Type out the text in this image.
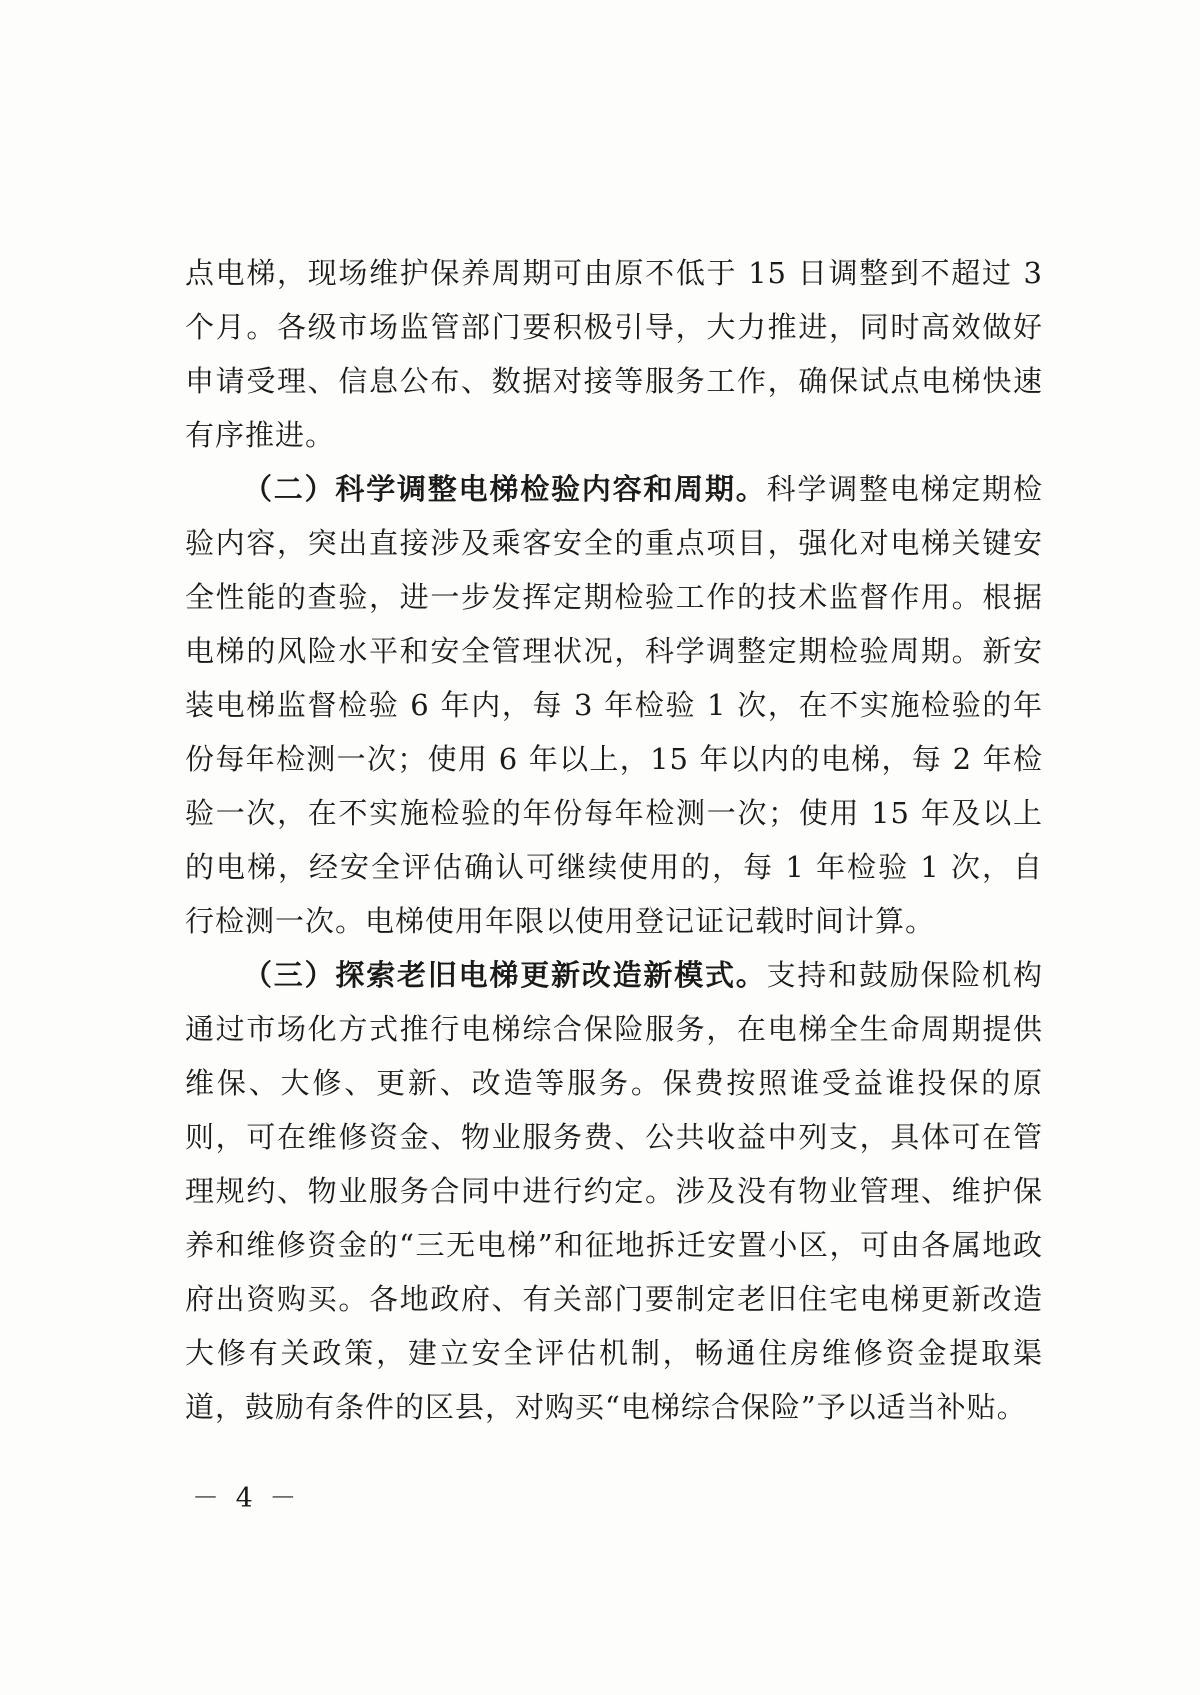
点电梯，现场维护保养周期可由原不低于 15 日调整到不超过 3 个月。各级市场监管部门要积极引导，大力推进，同时高效做好申请受理、信息公布、数据对接等服务工作，确保试点电梯快速有序推进。

（二）科学调整电梯检验内容和周期。科学调整电梯定期检验内容，突出直接涉及乘客安全的重点项目，强化对电梯关键安全性能的查验，进一步发挥定期检验工作的技术监督作用。根据电梯的风险水平和安全管理状况，科学调整定期检验周期。新安装电梯监督检验 6 年内，每 3 年检验 1 次，在不实施检验的年份每年检测一次；使用 6 年以上，15 年以内的电梯，每 2 年检验一次，在不实施检验的年份每年检测一次；使用 15 年及以上的电梯，经安全评估确认可继续使用的，每 1 年检验 1 次，自行检测一次。电梯使用年限以使用登记证记载时间计算。

（三）探索老旧电梯更新改造新模式。支持和鼓励保险机构通过市场化方式推行电梯综合保险服务，在电梯全生命周期提供维保、大修、更新、改造等服务。保费按照谁受益谁投保的原则，可在维修资金、物业服务费、公共收益中列支，具体可在管理规约、物业服务合同中进行约定。涉及没有物业管理、维护保养和维修资金的“三无电梯”和征地拆迁安置小区，可由各属地政府出资购买。各地政府、有关部门要制定老旧住宅电梯更新改造大修有关政策，建立安全评估机制，畅通住房维修资金提取渠道，鼓励有条件的区县，对购买“电梯综合保险”予以适当补贴。

－ 4 －
